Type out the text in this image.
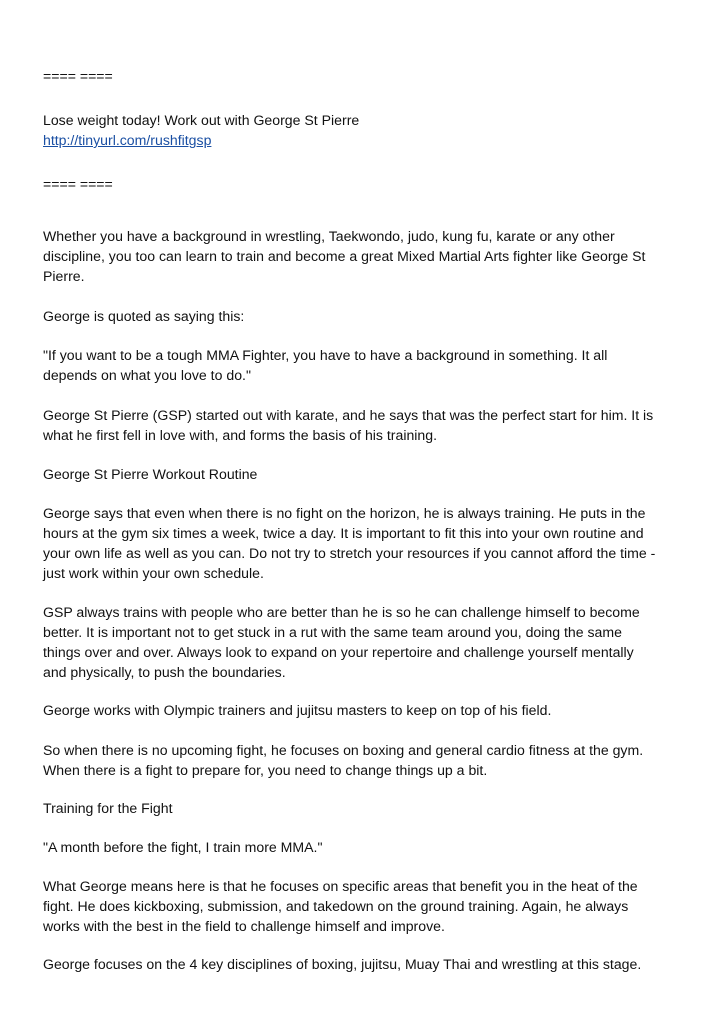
==== ====
Lose weight today! Work out with George St Pierre
http://tinyurl.com/rushfitgsp
==== ====
Whether you have a background in wrestling, Taekwondo, judo, kung fu, karate or any other
discipline, you too can learn to train and become a great Mixed Martial Arts fighter like George St
Pierre.
George is quoted as saying this:
"If you want to be a tough MMA Fighter, you have to have a background in something. It all
depends on what you love to do."
George St Pierre (GSP) started out with karate, and he says that was the perfect start for him. It is
what he first fell in love with, and forms the basis of his training.
George St Pierre Workout Routine
George says that even when there is no fight on the horizon, he is always training. He puts in the
hours at the gym six times a week, twice a day. It is important to fit this into your own routine and
your own life as well as you can. Do not try to stretch your resources if you cannot afford the time -
just work within your own schedule.
GSP always trains with people who are better than he is so he can challenge himself to become
better. It is important not to get stuck in a rut with the same team around you, doing the same
things over and over. Always look to expand on your repertoire and challenge yourself mentally
and physically, to push the boundaries.
George works with Olympic trainers and jujitsu masters to keep on top of his field.
So when there is no upcoming fight, he focuses on boxing and general cardio fitness at the gym.
When there is a fight to prepare for, you need to change things up a bit.
Training for the Fight
"A month before the fight, I train more MMA."
What George means here is that he focuses on specific areas that benefit you in the heat of the
fight. He does kickboxing, submission, and takedown on the ground training. Again, he always
works with the best in the field to challenge himself and improve.
George focuses on the 4 key disciplines of boxing, jujitsu, Muay Thai and wrestling at this stage.
